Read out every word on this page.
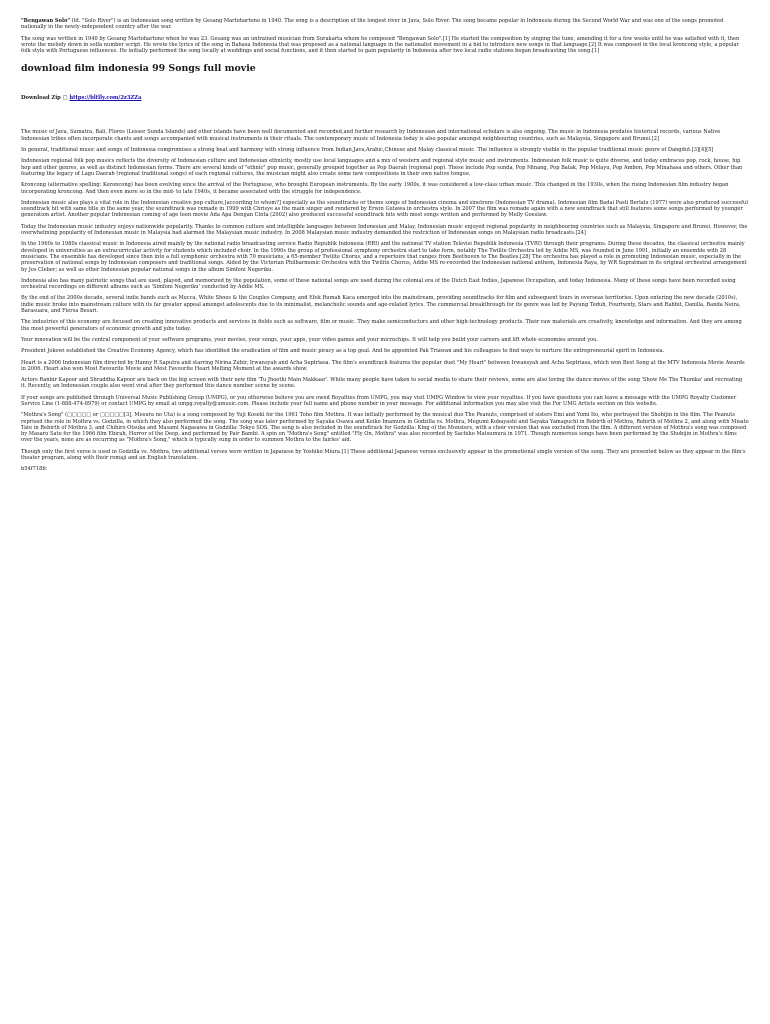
"Bengawan Solo" (lit. "Solo River") is an Indonesian song written by Gesang Martohartono in 1940. The song is a description of the longest river in Java, Solo River. The song became popular in Indonesia during the Second World War and was one of the songs promoted nationally in the newly-independent country after the war.

The song was written in 1940 by Gesang Martohartono when he was 23. Gesang was an untrained musician from Surakarta whom he composed "Bengawan Solo".[1] He started the composition by singing the tune, amending it for a few weeks until he was satisfied with it, then wrote the melody down in solfa number script. He wrote the lyrics of the song in Bahasa Indonesia that was proposed as a national language in the nationalist movement in a bid to introduce new songs in that language.[2] It was composed in the local kroncong style, a popular folk style with Portuguese influences. He initially performed the song locally at weddings and social functions, and it then started to gain popularity in Indonesia after two local radio stations began broadcasting the song.[1]

download film indonesia 99 Songs full movie
Download Zip □ https://bltlly.com/2z3ZZa

The music of Java, Sumatra, Bali, Flores (Lesser Sunda Islands) and other islands have been well documented and recorded,and further research by Indonesian and international scholars is also ongoing. The music in Indonesia predates historical records, various Native Indonesian tribes often incorporate chants and songs accompanied with musical instruments in their rituals. The contemporary music of Indonesia today is also popular amongst neighbouring countries, such as Malaysia, Singapore and Brunei.[2]

In general, traditional music and songs of Indonesia compromises a strong beat and harmony with strong influence from Indian,Java,Arabic,Chinese and Malay classical music. The influence is strongly visible in the popular traditional music genre of Dangdut.[3][4][5]

Indonesian regional folk pop musics reflects the diversity of Indonesian culture and Indonesian ethnicity, mostly use local languages and a mix of western and regional style music and instruments. Indonesian folk music is quite diverse, and today embraces pop, rock, house, hip hop and other genres, as well as distinct Indonesian forms. There are several kinds of "ethnic" pop music, generally grouped together as Pop Daerah (regional pop). These include Pop sunda, Pop Minang, Pop Batak, Pop Melayu, Pop Ambon, Pop Minahasa and others. Other than featuring the legacy of Lagu Daerah (regional traditional songs) of each regional cultures, the musician might also create some new compositions in their own native tongue.

Kroncong (alternative spelling: Keroncong) has been evolving since the arrival of the Portuguese, who brought European instruments. By the early 1900s, it was considered a low-class urban music. This changed in the 1930s, when the rising Indonesian film industry began incorporating kroncong. And then even more so in the mid- to late 1940s, it became associated with the struggle for independence.

Indonesian music also plays a vital role in the Indonesian creative pop culture,[according to whom?] especially as the soundtracks or theme songs of Indonesian cinema and sinetrons (Indonesian TV drama). Indonesian film Badai Pasti Berlalu (1977) were also produced successful soundtrack hit with same title in the same year, the soundtrack was remade in 1999 with Chrisye as the main singer and rendered by Erwin Gutawa in orchestra style. In 2007 the film was remade again with a new soundtrack that still features some songs performed by younger generation artist. Another popular Indonesian coming of age teen movie Ada Apa Dengan Cinta (2002) also produced successful soundtrack hits with most songs written and performed by Melly Goeslaw.

Today the Indonesian music industry enjoys nationwide popularity. Thanks to common culture and intelligible languages between Indonesian and Malay, Indonesian music enjoyed regional popularity in neighbouring countries such as Malaysia, Singapore and Brunei. However, the overwhelming popularity of Indonesian music in Malaysia had alarmed the Malaysian music industry. In 2008 Malaysian music industry demanded the restriction of Indonesian songs on Malaysian radio broadcasts.[24]

In the 1960s to 1980s classical music in Indonesia aired mainly by the national radio broadcasting service Radio Republik Indonesia (RRI) and the national TV station Televisi Republik Indonesia (TVRI) through their programs. During these decades, the classical orchestra mainly developed in universities as an extracurricular activity for students which included choir. In the 1990s the group of professional symphony orchestra start to take form, notably The Twilite Orchestra led by Addie MS, was founded in June 1991, initially an ensemble with 28 musicians. The ensemble has developed since then into a full symphonic orchestra with 70 musicians, a 65-member Twilite Chorus, and a repertoire that ranges from Beethoven to The Beatles.[28] The orchestra has played a role in promoting Indonesian music, especially in the preservation of national songs by Indonesian composers and traditional songs. Aided by the Victorian Philharmonic Orchestra with the Twilite Chorus, Addie MS re-recorded the Indonesian national anthem, Indonesia Raya, by WR Supratman in its original orchestral arrangement by Jos Cleber; as well as other Indonesian popular national songs in the album Simfoni Negeriku.

Indonesia also has many patriotic songs that are used, played, and memorized by the population, some of these national songs are used during the colonial era of the Dutch East Indies, Japanese Occupation, and today Indonesia. Many of these songs have been recorded using orchestral recordings on different albums such as 'Simfoni Negeriku' conducted by Addie MS.

By the end of the 2000s decade, several indie bands such as Mocca, White Shoes & the Couples Company, and Efek Rumah Kaca emerged into the mainstream, providing soundtracks for film and subsequent tours in overseas territories. Upon entering the new decade (2010s), indie music broke into mainstream culture with its far greater appeal amongst adolescents due to its minimalist, melancholic sounds and age-related lyrics. The commercial breakthrough for its genre was led by Payung Teduh, Fourtwnty, Stars and Rabbit, Danilla, Banda Neira, Barasuara, and Fiersa Besari.

The industries of this economy are focused on creating innovative products and services in fields such as software, film or music. They make semiconductors and other high-technology products. Their raw materials are creativity, knowledge and information. And they are among the most powerful generators of economic growth and jobs today.

Your innovation will be the central component of your software programs, your movies, your songs, your apps, your video games and your microchips. It will help you build your careers and lift whole economies around you.

President Jokowi established the Creative Economy Agency, which has identified the eradication of film and music piracy as a top goal. And he appointed Pak Triawan and his colleagues to find ways to nurture the entrepreneurial spirit in Indonesia.

Heart is a 2006 Indonesian film directed by Hanny R Saputra and starring Nirina Zubir, Irwansyah and Acha Septriasa. The film's soundtrack features the popular duet "My Heart" between Irwansyah and Acha Septriasa, which won Best Song at the MTV Indonesia Movie Awards in 2006. Heart also won Most Favourite Movie and Most Favourite Heart Melting Moment at the awards show.

Actors Ranbir Kapoor and Shraddha Kapoor are back on the big screen with their new film 'Tu Jhoothi Main Makkaar'. While many people have taken to social media to share their reviews, some are also loving the dance moves of the song 'Show Me The Thumka' and recreating it. Recently, an Indonesian couple also went viral after they performed this dance number scene by scene.

If your songs are published through Universal Music Publishing Group (UMPG), or you otherwise believe you are owed Royalties from UMPG, you may visit UMPG Window to view your royalties. If you have questions you can leave a message with the UMPG Royalty Customer Service Line (1-888-474-8979) or contact UMPG by email at umpg.royalty@umusic.com. Please include your full name and phone number in your message. For additional information you may also visit the For UMG Artists section on this website.

"Mothra's Song" (□□□□□ or □□□□□[3], Mosura no Uta) is a song composed by Yuji Koseki for the 1961 Toho film Mothra. It was initially performed by the musical duo The Peanuts, comprised of sisters Emi and Yumi Ito, who portrayed the Shobijin in the film. The Peanuts reprised the role in Mothra vs. Godzilla, in which they also performed the song. The song was later performed by Sayaka Osawa and Keiko Imamura in Godzilla vs. Mothra, Megumi Kobayashi and Sayaka Yamaguchi in Rebirth of Mothra, Rebirth of Mothra 2, and along with Misato Tate in Rebirth of Mothra 3, and Chihiro Otsuka and Masami Nagasawa in Godzilla: Tokyo SOS. The song is also included in the soundtrack for Godzilla: King of the Monsters, with a choir version that was excluded from the film. A different version of Mothra's song was composed by Masaru Sato for the 1966 film Ebirah, Horror of the Deep, and performed by Pair Bambi. A spin on "Mothra's Song" entitled "Fly On, Mothra" was also recorded by Sachiko Matsumura in 1971. Though numerous songs have been performed by the Shobijin in Mothra's films over the years, none are as recurring as "Mothra's Song," which is typically sung in order to summon Mothra to the fairies' aid.

Though only the first verse is used in Godzilla vs. Mothra, two additional verses were written in Japanese by Yoshiko Miura.[1] These additional Japanese verses exclusively appear in the promotional single version of the song. They are presented below as they appear in the film's theater program, along with their romaji and an English translation.

b54f718fc
